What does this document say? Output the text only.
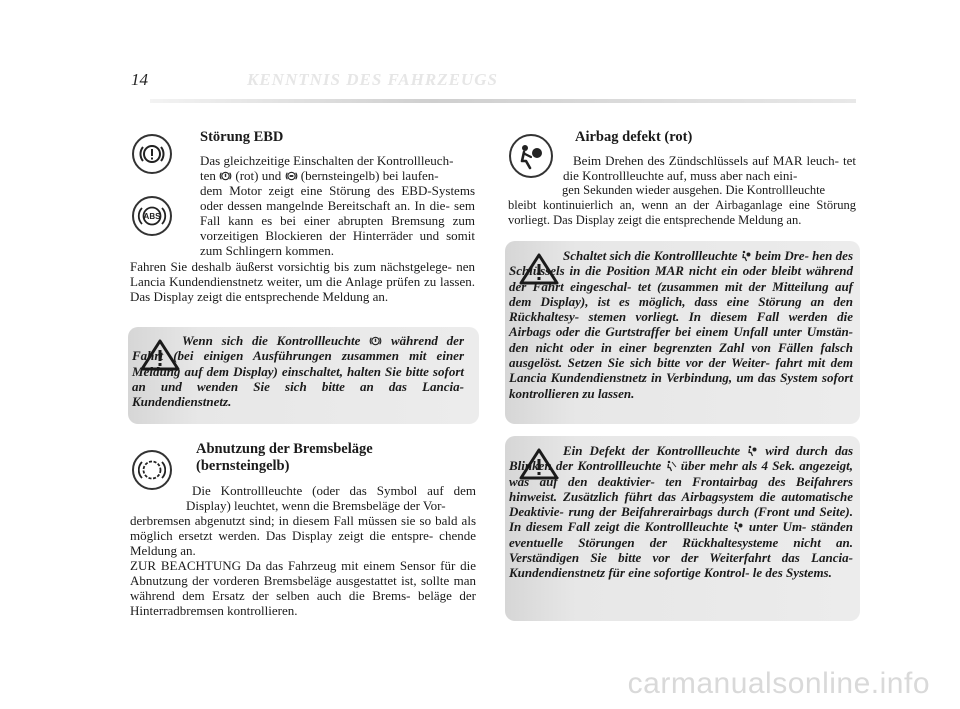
14	KENNTNIS DES FAHRZEUGS
ABS
Störung EBD

Das gleichzeitige Einschalten der Kontrollleuch-

ten (rot) und (bernsteingelb) bei laufen-

dem Motor zeigt eine Störung des EBD-Systems oder dessen mangelnde Bereitschaft an. In die- sem Fall kann es bei einer abrupten Bremsung zum vorzeitigen Blockieren der Hinterräder und somit zum Schlingern kommen.

Fahren Sie deshalb äußerst vorsichtig bis zum nächstgelege- nen Lancia Kundendienstnetz weiter, um die Anlage prüfen zu lassen. Das Display zeigt die entsprechende Meldung an.

Wenn sich die Kontrollleuchte während der Fahrt (bei einigen Ausführungen zusammen mit einer Meldung auf dem Display) einschaltet, halten Sie bitte sofort an und wenden Sie sich bitte an das Lancia-Kundendienstnetz.

Abnutzung der Bremsbeläge
(bernsteingelb)

Die Kontrollleuchte (oder das Symbol auf dem Display) leuchtet, wenn die Bremsbeläge der Vor-

derbremsen abgenutzt sind; in diesem Fall müssen sie so bald als möglich ersetzt werden. Das Display zeigt die entspre- chende Meldung an.

ZUR BEACHTUNG Da das Fahrzeug mit einem Sensor für die Abnutzung der vorderen Bremsbeläge ausgestattet ist, sollte man während dem Ersatz der selben auch die Brems- beläge der Hinterradbremsen kontrollieren.

Airbag defekt (rot)

Beim Drehen des Zündschlüssels auf MAR leuch- tet die Kontrollleuchte auf, muss aber nach eini-

gen Sekunden wieder ausgehen. Die Kontrollleuchte

bleibt kontinuierlich an, wenn an der Airbaganlage eine Störung vorliegt. Das Display zeigt die entsprechende Meldung an.

Schaltet sich die Kontrollleuchte beim Dre- hen des Schlüssels in die Position MAR nicht ein oder bleibt während der Fahrt eingeschal- tet (zusammen mit der Mitteilung auf dem Display), ist es möglich, dass eine Störung an den Rückhaltesy- stemen vorliegt. In diesem Fall werden die Airbags oder die Gurtstraffer bei einem Unfall unter Umstän- den nicht oder in einer begrenzten Zahl von Fällen falsch ausgelöst. Setzen Sie sich bitte vor der Weiter- fahrt mit dem Lancia Kundendienstnetz in Verbindung, um das System sofort kontrollieren zu lassen.

Ein Defekt der Kontrollleuchte wird durch das Blinken der Kontrollleuchte über mehr als 4 Sek. angezeigt, was auf den deaktivier- ten Frontairbag des Beifahrers hinweist. Zusätzlich führt das Airbagsystem die automatische Deaktivie- rung der Beifahrerairbags durch (Front und Seite). In diesem Fall zeigt die Kontrollleuchte unter Um- ständen eventuelle Störungen der Rückhaltesysteme nicht an. Verständigen Sie bitte vor der Weiterfahrt das Lancia-Kundendienstnetz für eine sofortige Kontrol- le des Systems.

carmanualsonline.info
